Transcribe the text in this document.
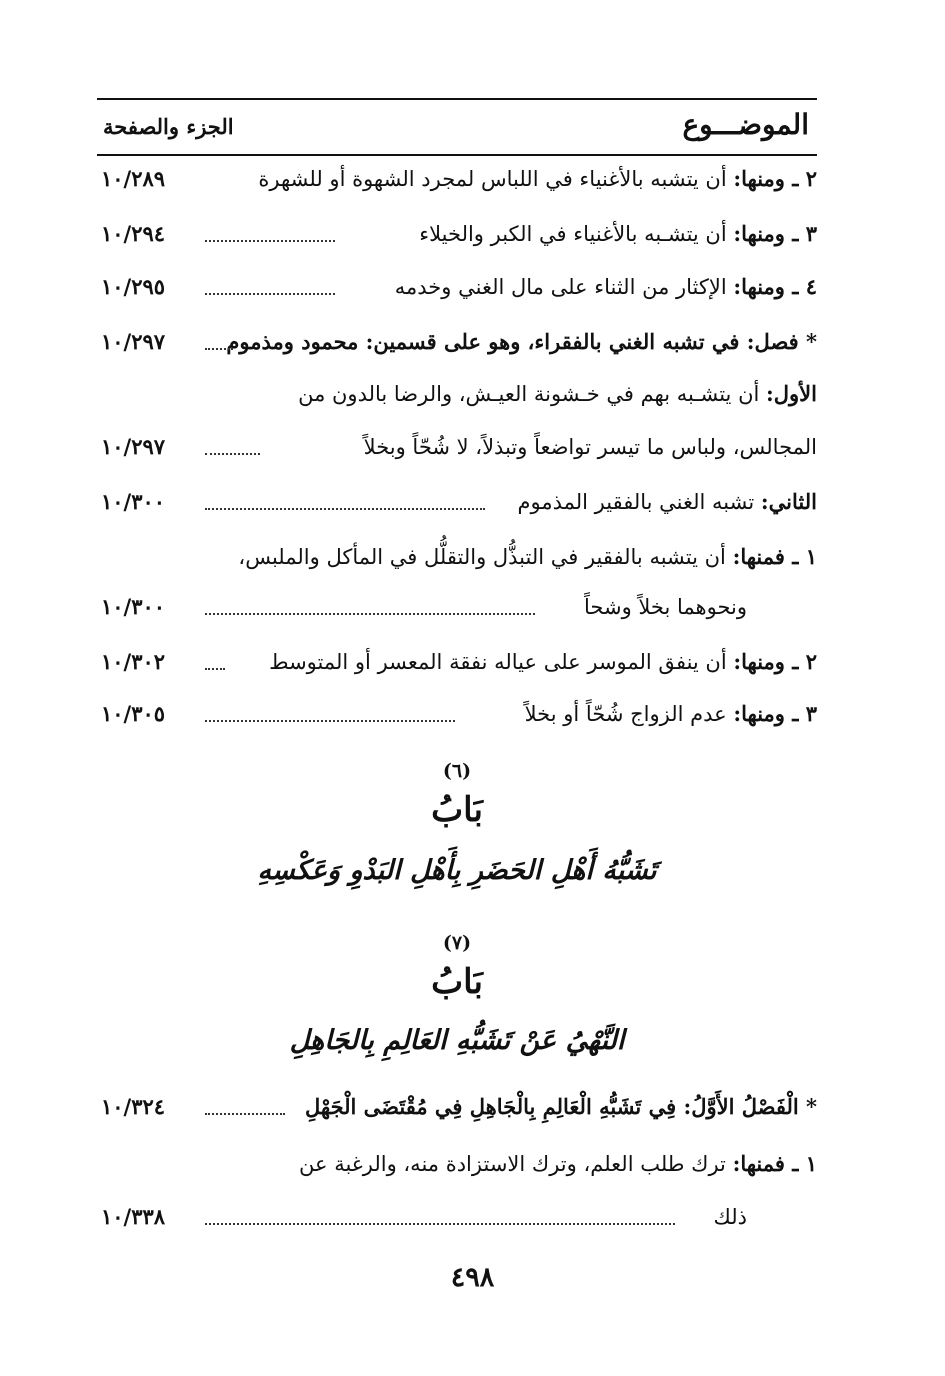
الموضـــوع
الجزء والصفحة
٢ ـ ومنها:

أن يتشبه بالأغنياء في اللباس لمجرد الشهوة أو للشهرة
١٠/٢٨٩
٣ ـ ومنها:

أن يتشـبه بالأغنياء في الكبر والخيلاء
١٠/٢٩٤
٤ ـ ومنها:

الإكثار من الثناء على مال الغني وخدمه
١٠/٢٩٥
* فصل:

في تشبه الغني بالفقراء، وهو على قسمين: محمود ومذموم
١٠/٢٩٧
الأول:

أن يتشـبه بهم في خـشونة العيـش، والرضا بالدون من
المجالس، ولباس ما تيسر تواضعاً وتبذلاً، لا شُحّاً وبخلاً
١٠/٢٩٧
الثاني:

تشبه الغني بالفقير المذموم
١٠/٣٠٠
١ ـ فمنها:

أن يتشبه بالفقير في التبذُّل والتقلُّل في المأكل والملبس،
ونحوهما بخلاً وشحاً
١٠/٣٠٠
٢ ـ ومنها:

أن ينفق الموسر على عياله نفقة المعسر أو المتوسط
١٠/٣٠٢
٣ ـ ومنها:

عدم الزواج شُحّاً أو بخلاً
١٠/٣٠٥
(٦)
بَابُ
تَشَبُّهُ أَهْلِ الحَضَرِ بِأَهْلِ البَدْوِ وَعَكْسِهِ
(٧)
بَابُ
النَّهْيُ عَنْ تَشَبُّهِ العَالِمِ بِالجَاهِلِ
* الْفَصْلُ الأَوَّلُ:

فِي تَشَبُّهِ الْعَالِمِ بِالْجَاهِلِ فِي مُقْتَضَى الْجَهْلِ
١٠/٣٢٤
١ ـ فمنها:

ترك طلب العلم، وترك الاستزادة منه، والرغبة عن
ذلك
١٠/٣٣٨
٤٩٨
